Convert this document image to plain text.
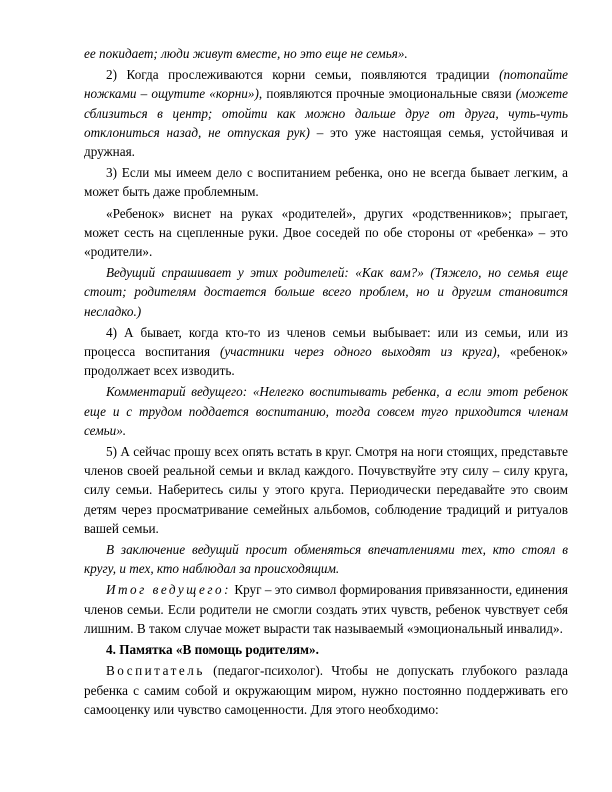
ее покидает; люди живут вместе, но это еще не семья».

2) Когда прослеживаются корни семьи, появляются традиции (потопайте ножками – ощутите «корни»), появляются прочные эмоциональные связи (можете сблизиться в центр; отойти как можно дальше друг от друга, чуть-чуть отклониться назад, не отпуская рук) – это уже настоящая семья, устойчивая и дружная.

3) Если мы имеем дело с воспитанием ребенка, оно не всегда бывает легким, а может быть даже проблемным.

«Ребенок» виснет на руках «родителей», других «родственников»; прыгает, может сесть на сцепленные руки. Двое соседей по обе стороны от «ребенка» – это «родители».

Ведущий спрашивает у этих родителей: «Как вам?» (Тяжело, но семья еще стоит; родителям достается больше всего проблем, но и другим становится несладко.)

4) А бывает, когда кто-то из членов семьи выбывает: или из семьи, или из процесса воспитания (участники через одного выходят из круга), «ребенок» продолжает всех изводить.

Комментарий ведущего: «Нелегко воспитывать ребенка, а если этот ребенок еще и с трудом поддается воспитанию, тогда совсем туго приходится членам семьи».

5) А сейчас прошу всех опять встать в круг. Смотря на ноги стоящих, представьте членов своей реальной семьи и вклад каждого. Почувствуйте эту силу – силу круга, силу семьи. Наберитесь силы у этого круга. Периодически передавайте это своим детям через просматривание семейных альбомов, соблюдение традиций и ритуалов вашей семьи.

В заключение ведущий просит обменяться впечатлениями тех, кто стоял в кругу, и тех, кто наблюдал за происходящим.

Итог ведущего: Круг – это символ формирования привязанности, единения членов семьи. Если родители не смогли создать этих чувств, ребенок чувствует себя лишним. В таком случае может вырасти так называемый «эмоциональный инвалид».

4. Памятка «В помощь родителям».

Воспитатель (педагог-психолог). Чтобы не допускать глубокого разлада ребенка с самим собой и окружающим миром, нужно постоянно поддерживать его самооценку или чувство самоценности. Для этого необходимо:
